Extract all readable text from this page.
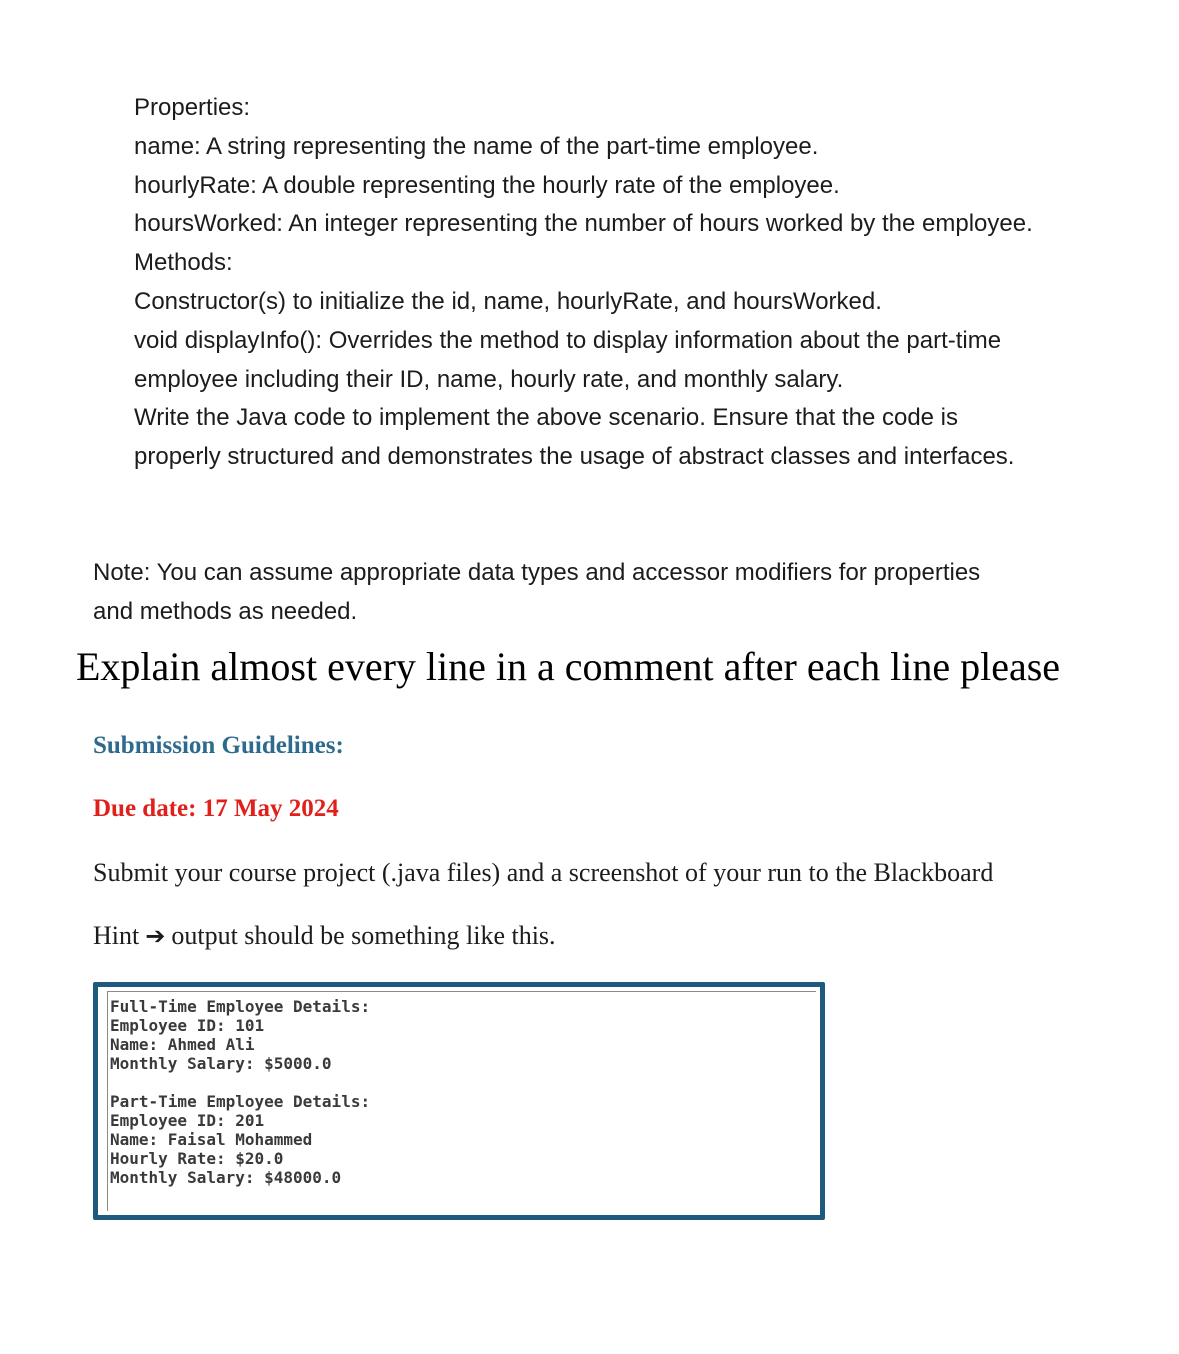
Properties:
name: A string representing the name of the part-time employee.
hourlyRate: A double representing the hourly rate of the employee.
hoursWorked: An integer representing the number of hours worked by the employee.
Methods:
Constructor(s) to initialize the id, name, hourlyRate, and hoursWorked.
void displayInfo(): Overrides the method to display information about the part-time
employee including their ID, name, hourly rate, and monthly salary.
Write the Java code to implement the above scenario. Ensure that the code is
properly structured and demonstrates the usage of abstract classes and interfaces.
Note: You can assume appropriate data types and accessor modifiers for properties
and methods as needed.
Explain almost every line in a comment after each line please
Submission Guidelines:
Due date: 17 May 2024
Submit your course project (.java files) and a screenshot of your run to the Blackboard
Hint ➔ output should be something like this.
Full-Time Employee Details:
Employee ID: 101
Name: Ahmed Ali
Monthly Salary: $5000.0
Part-Time Employee Details:
Employee ID: 201
Name: Faisal Mohammed
Hourly Rate: $20.0
Monthly Salary: $48000.0
